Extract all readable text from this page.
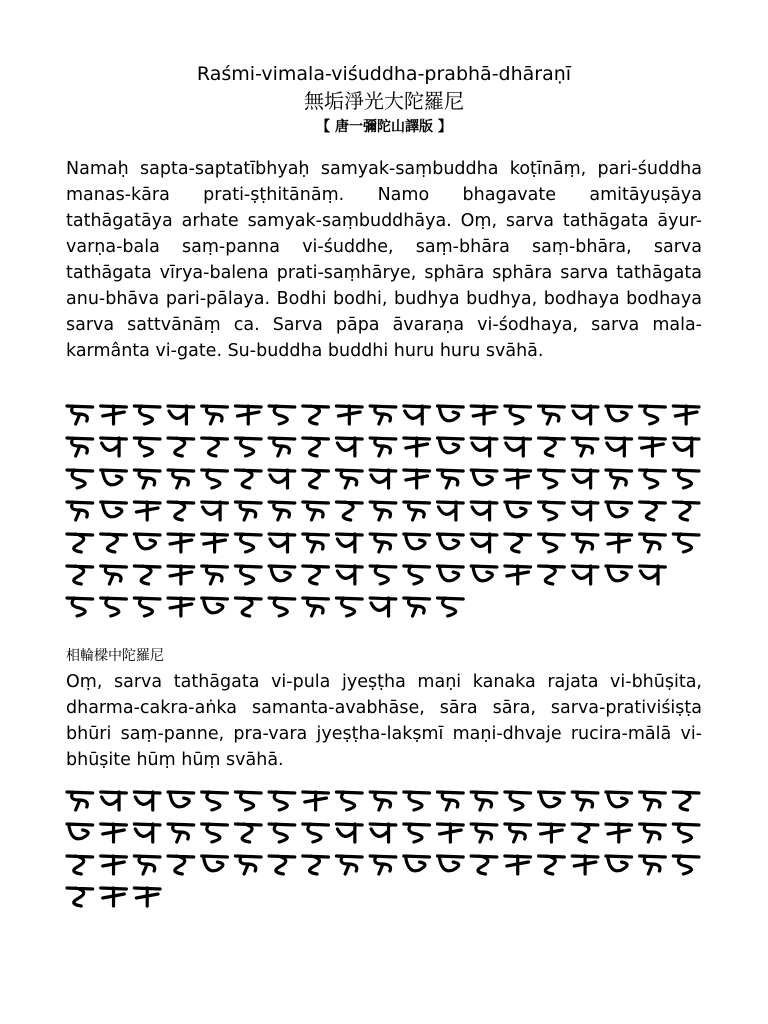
Raśmi-vimala-viśuddha-prabhā-dhāraṇī
無垢淨光大陀羅尼
【 唐一彌陀山譯版 】
Namaḥ sapta-saptatībhyaḥ samyak-saṃbuddha koṭīnāṃ, pari-śuddha manas-kāra prati-ṣṭhitānāṃ. Namo bhagavate amitāyuṣāya tathāgatāya arhate samyak-saṃbuddhāya. Oṃ, sarva tathāgata āyur-varṇa-bala saṃ-panna vi-śuddhe, saṃ-bhāra saṃ-bhāra, sarva tathāgata vīrya-balena prati-saṃhārye, sphāra sphāra sarva tathāgata anu-bhāva pari-pālaya. Bodhi bodhi, budhya budhya, bodhaya bodhaya sarva sattvānāṃ ca. Sarva pāpa āvaraṇa vi-śodhaya, sarva mala-karmânta vi-gate. Su-buddha buddhi huru huru svāhā.
相輪樑中陀羅尼
Oṃ, sarva tathāgata vi-pula jyeṣṭha maṇi kanaka rajata vi-bhūṣita, dharma-cakra-aṅka samanta-avabhāse, sāra sāra, sarva-prativiśiṣṭa bhūri saṃ-panne, pra-vara jyeṣṭha-lakṣmī maṇi-dhvaje rucira-mālā vi-bhūṣite hūṃ hūṃ svāhā.
